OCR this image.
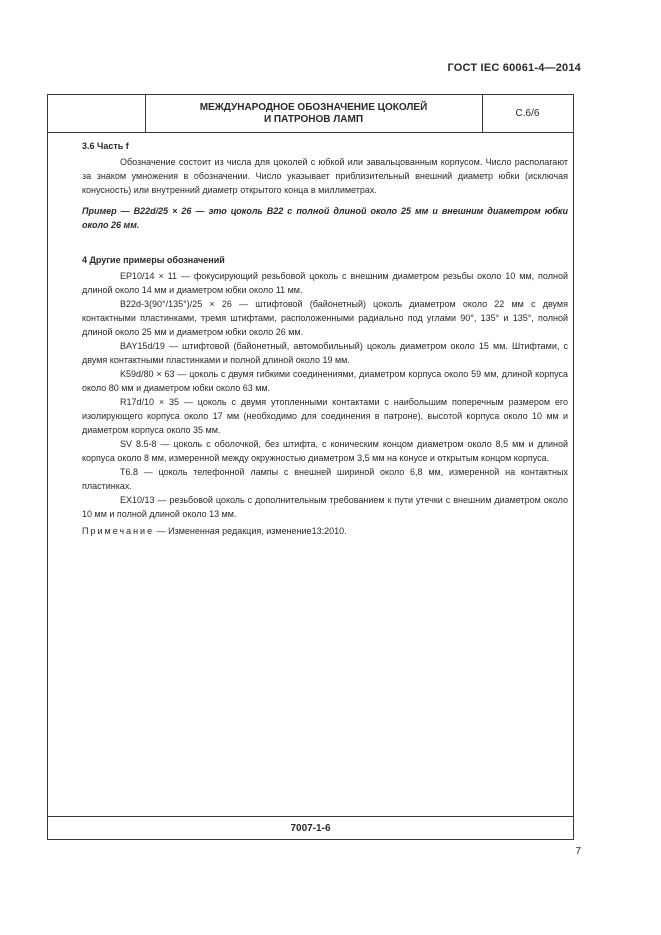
ГОСТ IEC 60061-4—2014
МЕЖДУНАРОДНОЕ ОБОЗНАЧЕНИЕ ЦОКОЛЕЙ
И ПАТРОНОВ ЛАМП	С.6/6
3.6 Часть f

Обозначение состоит из числа для цоколей с юбкой или завальцованным корпусом. Число располагают за знаком умножения в обозначении. Число указывает приблизительный внешний диаметр юбки (исключая конусность) или внутренний диаметр открытого конца в миллиметрах.

Пример — B22d/25 × 26 — это цоколь B22 с полной длиной около 25 мм и внешним диаметром юбки около 26 мм.

4 Другие примеры обозначений

EP10/14 × 11 — фокусирующий резьбовой цоколь с внешним диаметром резьбы около 10 мм, полной длиной около 14 мм и диаметром юбки около 11 мм.

B22d-3(90°/135°)/25 × 26 — штифтовой (байонетный) цоколь диаметром около 22 мм с двумя контактными пластинками, тремя штифтами, расположенными радиально под углами 90°, 135° и 135°, полной длиной около 25 мм и диаметром юбки около 26 мм.

BAY15d/19 — штифтовой (байонетный, автомобильный) цоколь диаметром около 15 мм. Штифтами, с двумя контактными пластинками и полной длиной около 19 мм.

K59d/80 × 63 — цоколь с двумя гибкими соединениями, диаметром корпуса около 59 мм, длиной корпуса около 80 мм и диаметром юбки около 63 мм.

R17d/10 × 35 — цоколь с двумя утопленными контактами с наибольшим поперечным размером его изолирующего корпуса около 17 мм (необходимо для соединения в патроне), высотой корпуса около 10 мм и диаметром корпуса около 35 мм.

SV 8.5-8 — цоколь с оболочкой, без штифта, с коническим концом диаметром около 8,5 мм и длиной корпуса около 8 мм, измеренной между окружностью диаметром 3,5 мм на конусе и открытым концом корпуса.

T6.8 — цоколь телефонной лампы с внешней шириной около 6,8 мм, измеренной на контактных пластинках.

EX10/13 — резьбовой цоколь с дополнительным требованием к пути утечки с внешним диаметром около 10 мм и полной длиной около 13 мм.

Примечание — Измененная редакция, изменение13:2010.

7007-1-6
7
